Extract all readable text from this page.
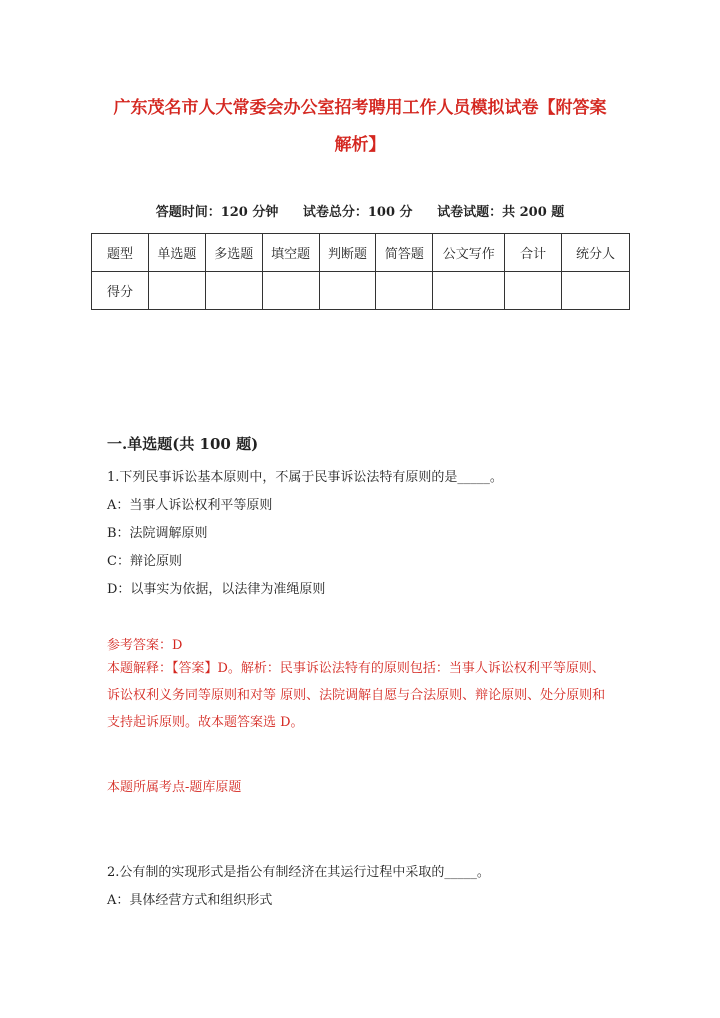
广东茂名市人大常委会办公室招考聘用工作人员模拟试卷【附答案
解析】
答题时间：120 分钟 试卷总分：100 分 试卷试题：共 200 题
题型	单选题	多选题	填空题	判断题	简答题	公文写作	合计	统分人
得分								
一.单选题(共 100 题)
1.下列民事诉讼基本原则中，不属于民事诉讼法特有原则的是_____。
A：当事人诉讼权利平等原则
B：法院调解原则
C：辩论原则
D：以事实为依据，以法律为准绳原则
参考答案：D
本题解释：【答案】D。解析：民事诉讼法特有的原则包括：当事人诉讼权利平等原则、诉讼权利义务同等原则和对等 原则、法院调解自愿与合法原则、辩论原则、处分原则和支持起诉原则。故本题答案选 D。
本题所属考点-题库原题
2.公有制的实现形式是指公有制经济在其运行过程中采取的_____。
A：具体经营方式和组织形式
